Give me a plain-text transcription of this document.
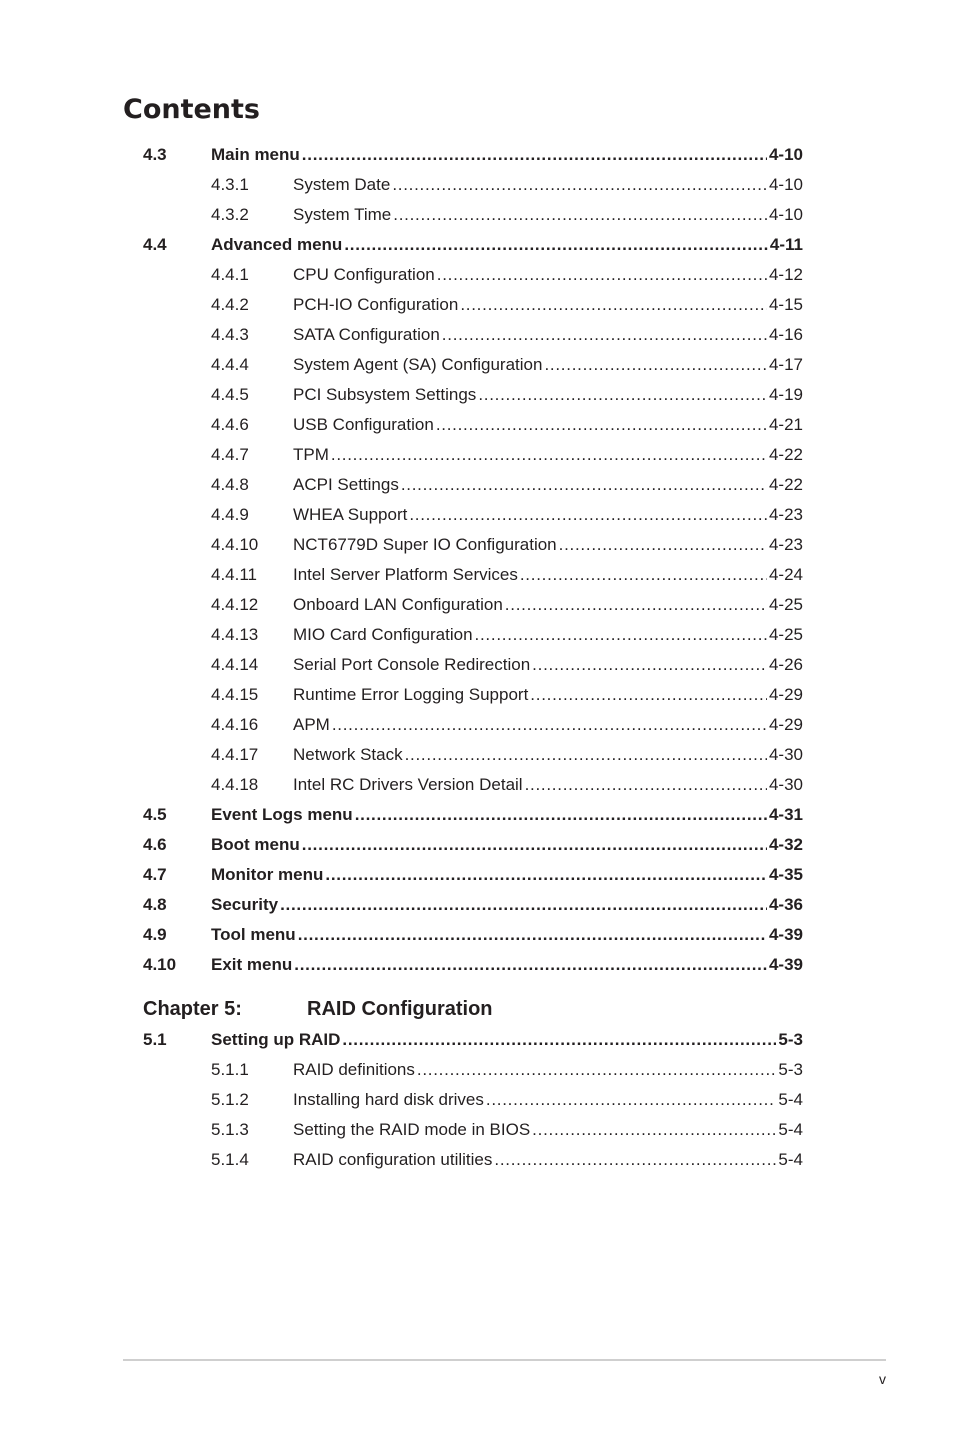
Contents
4.3	Main menu . . .	4-10
4.3.1	System Date . . .	4-10
4.3.2	System Time . . .	4-10
4.4	Advanced menu . . .	4-11
4.4.1	CPU Configuration . . .	4-12
4.4.2	PCH-IO Configuration . . .	4-15
4.4.3	SATA Configuration . . .	4-16
4.4.4	System Agent (SA) Configuration . . .	4-17
4.4.5	PCI Subsystem Settings . . .	4-19
4.4.6	USB Configuration . . .	4-21
4.4.7	TPM . . .	4-22
4.4.8	ACPI Settings . . .	4-22
4.4.9	WHEA Support . . .	4-23
4.4.10 NCT6779D Super IO Configuration . . .	4-23
4.4.11 Intel Server Platform Services . . .	4-24
4.4.12 Onboard LAN Configuration . . .	4-25
4.4.13 MIO Card Configuration . . .	4-25
4.4.14 Serial Port Console Redirection . . .	4-26
4.4.15 Runtime Error Logging Support . . .	4-29
4.4.16 APM . . .	4-29
4.4.17 Network Stack . . .	4-30
4.4.18 Intel RC Drivers Version Detail . . .	4-30
4.5	Event Logs menu . . .	4-31
4.6	Boot menu . . .	4-32
4.7	Monitor menu . . .	4-35
4.8	Security . . .	4-36
4.9	Tool menu . . .	4-39
4.10 Exit menu . . .	4-39
Chapter 5:	RAID Configuration
5.1	Setting up RAID . . .	5-3
5.1.1	RAID definitions . . .	5-3
5.1.2	Installing hard disk drives . . .	5-4
5.1.3	Setting the RAID mode in BIOS . . .	5-4
5.1.4	RAID configuration utilities . . .	5-4
v
